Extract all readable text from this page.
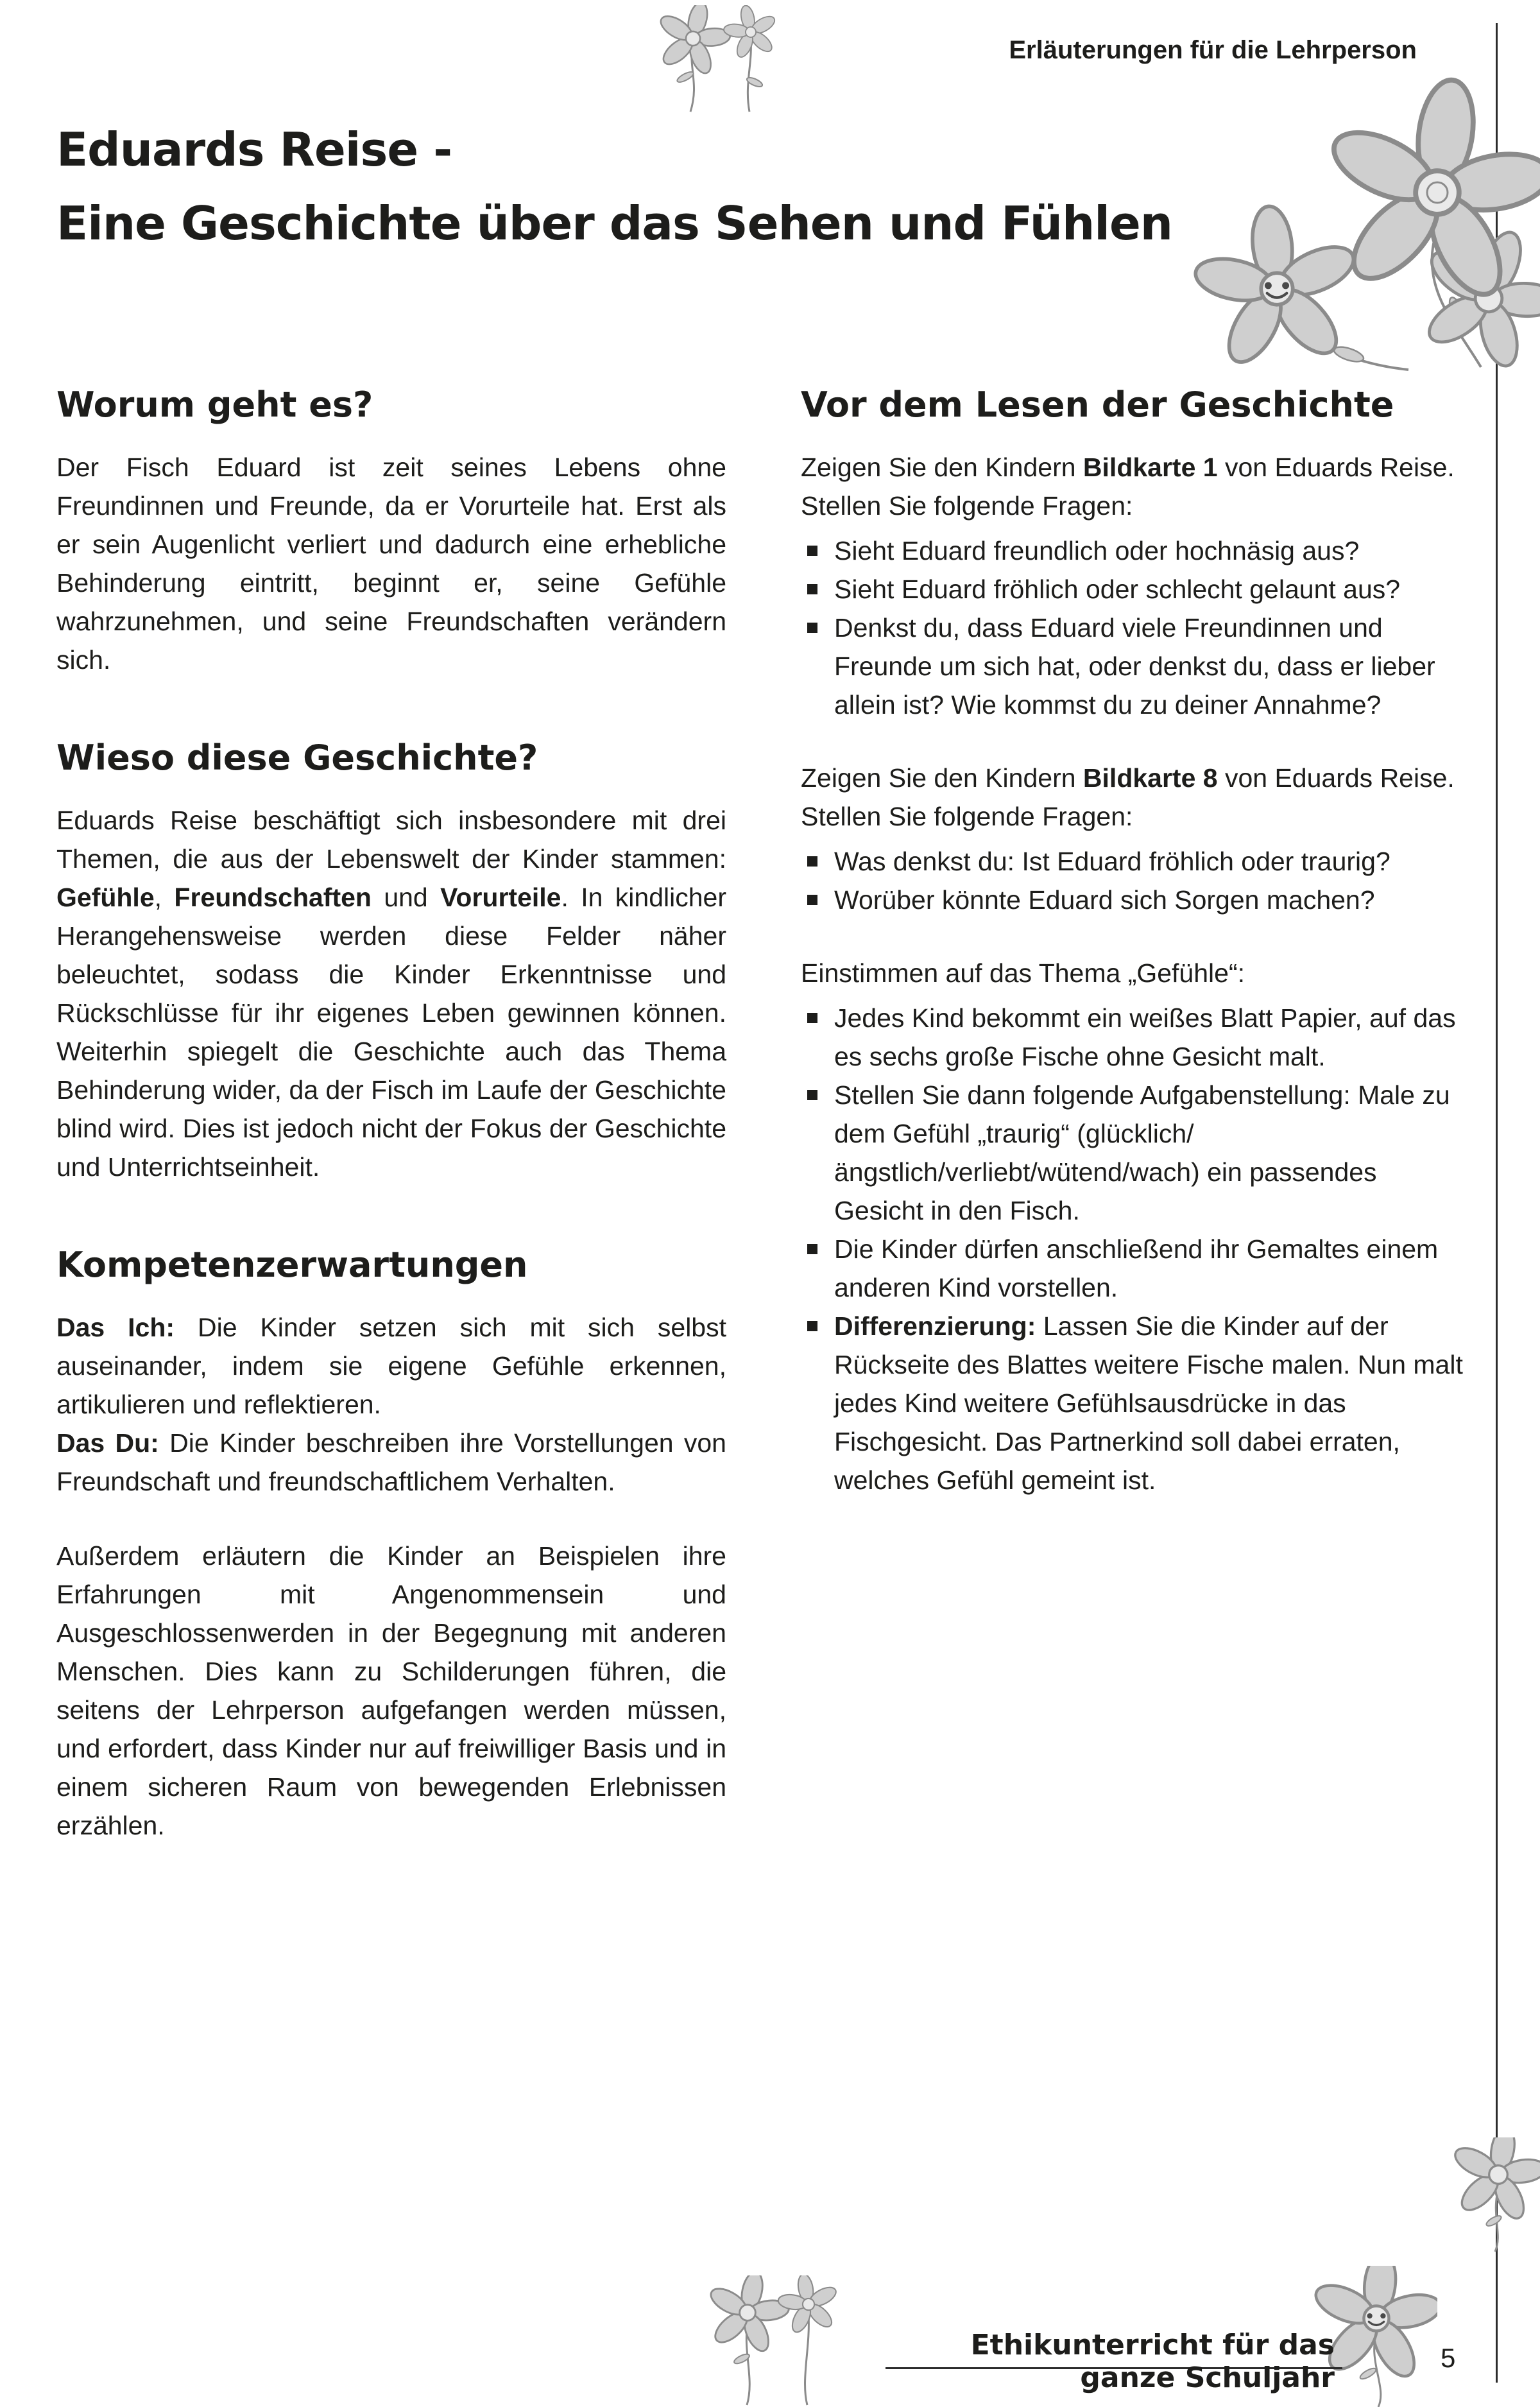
Erläuterungen für die Lehrperson
Eduards Reise -
Eine Geschichte über das Sehen und Fühlen
Worum geht es?

Der Fisch Eduard ist zeit seines Lebens ohne Freundinnen und Freunde, da er Vorurteile hat. Erst als er sein Augenlicht verliert und dadurch eine erhebliche Behinderung eintritt, beginnt er, seine Gefühle wahrzunehmen, und seine Freundschaften verändern sich.

Wieso diese Geschichte?

Eduards Reise beschäftigt sich insbesondere mit drei Themen, die aus der Lebenswelt der Kinder stammen: Gefühle, Freundschaften und Vorurteile. In kindlicher Herangehensweise werden diese Felder näher beleuchtet, sodass die Kinder Erkenntnisse und Rückschlüsse für ihr eigenes Leben gewinnen können. Weiterhin spiegelt die Geschichte auch das Thema Behinderung wider, da der Fisch im Laufe der Geschichte blind wird. Dies ist jedoch nicht der Fokus der Geschichte und Unterrichtseinheit.

Kompetenzerwartungen

Das Ich: Die Kinder setzen sich mit sich selbst auseinander, indem sie eigene Gefühle erkennen, artikulieren und reflektieren.

Das Du: Die Kinder beschreiben ihre Vorstellungen von Freundschaft und freundschaftlichem Verhalten.

Außerdem erläutern die Kinder an Beispielen ihre Erfahrungen mit Angenommensein und Ausgeschlossenwerden in der Begegnung mit anderen Menschen. Dies kann zu Schilderungen führen, die seitens der Lehrperson aufgefangen werden müssen, und erfordert, dass Kinder nur auf freiwilliger Basis und in einem sicheren Raum von bewegenden Erlebnissen erzählen.

Vor dem Lesen der Geschichte

Zeigen Sie den Kindern Bildkarte 1 von Eduards Reise. Stellen Sie folgende Fragen:

Sieht Eduard freundlich oder hochnäsig aus?
Sieht Eduard fröhlich oder schlecht gelaunt aus?
Denkst du, dass Eduard viele Freundinnen und Freunde um sich hat, oder denkst du, dass er lieber allein ist? Wie kommst du zu deiner Annahme?

Zeigen Sie den Kindern Bildkarte 8 von Eduards Reise. Stellen Sie folgende Fragen:

Was denkst du: Ist Eduard fröhlich oder traurig?
Worüber könnte Eduard sich Sorgen machen?

Einstimmen auf das Thema „Gefühle“:

Jedes Kind bekommt ein weißes Blatt Papier, auf das es sechs große Fische ohne Gesicht malt.
Stellen Sie dann folgende Aufgabenstellung: Male zu dem Gefühl „traurig“ (glücklich/ängstlich/verliebt/wütend/wach) ein passendes Gesicht in den Fisch.
Die Kinder dürfen anschließend ihr Gemaltes einem anderen Kind vorstellen.
Differenzierung: Lassen Sie die Kinder auf der Rückseite des Blattes weitere Fische malen. Nun malt jedes Kind weitere Gefühlsausdrücke in das Fischgesicht. Das Partnerkind soll dabei erraten, welches Gefühl gemeint ist.
Ethikunterricht für das ganze Schuljahr
5
